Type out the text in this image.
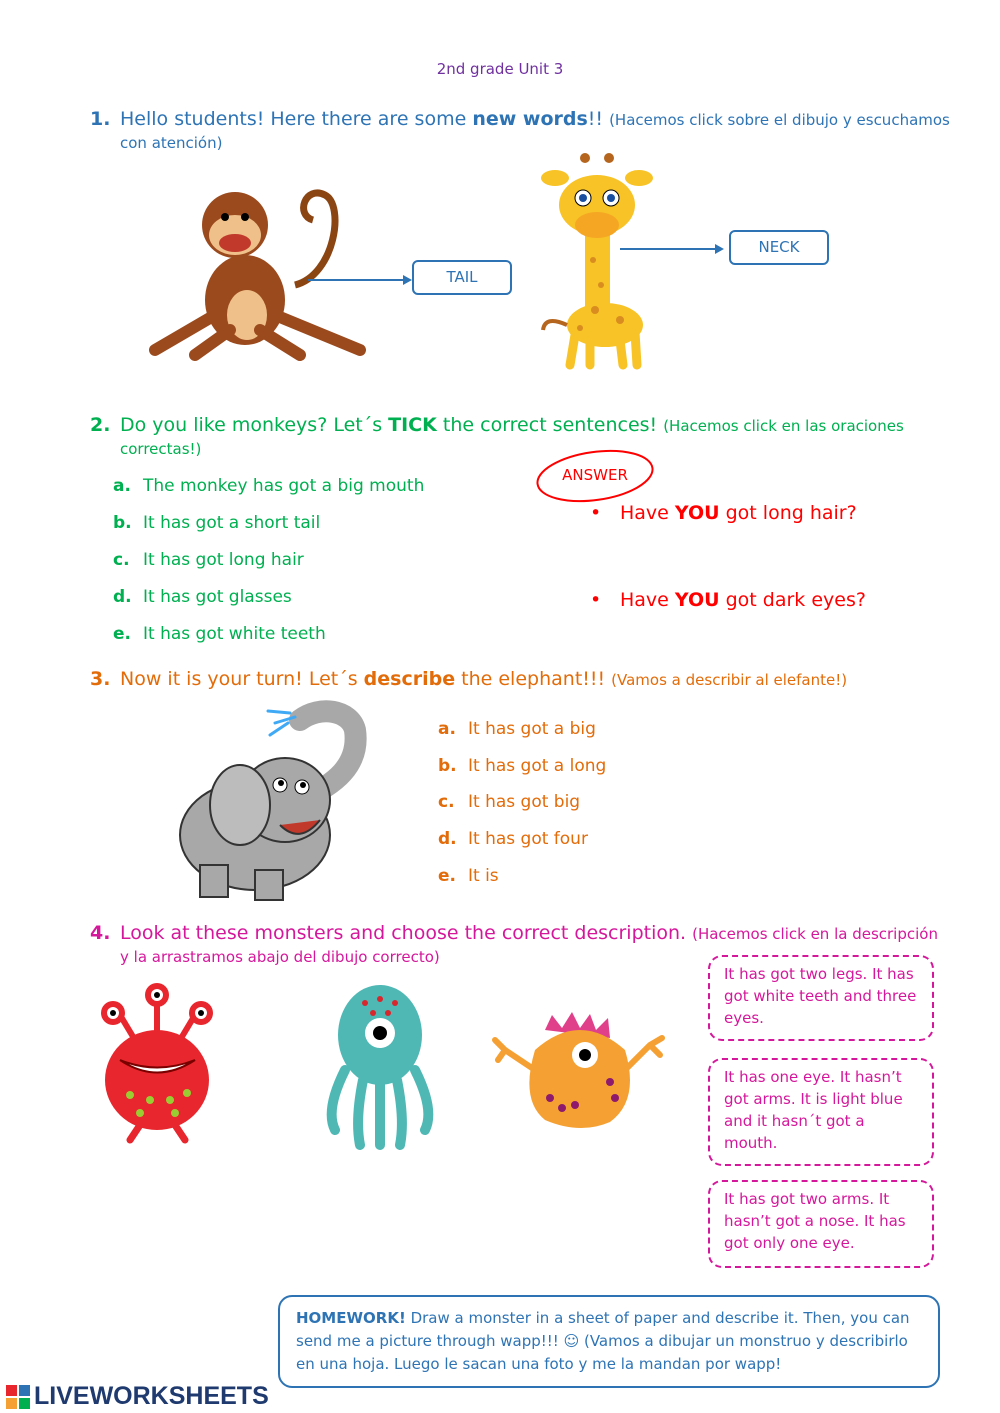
2nd grade Unit 3
1. Hello students! Here there are some new words!! (Hacemos click sobre el dibujo y escuchamos
con atención)
TAIL
NECK
2. Do you like monkeys? Let´s TICK the correct sentences! (Hacemos click en las oraciones
correctas!)
a. The monkey has got a big mouth
b. It has got a short tail
c. It has got long hair
d. It has got glasses
e. It has got white teeth
ANSWER
• Have YOU got long hair?
• Have YOU got dark eyes?
3. Now it is your turn! Let´s describe the elephant!!! (Vamos a describir al elefante!)
a. It has got a big
b. It has got a long
c. It has got big
d. It has got four
e. It is
4. Look at these monsters and choose the correct description. (Hacemos click en la descripción
y la arrastramos abajo del dibujo correcto)
It has got two legs. It has got white teeth and three eyes.
It has one eye. It hasn’t got arms. It is light blue and it hasn´t got a mouth.
It has got two arms. It hasn’t got a nose. It has got only one eye.
HOMEWORK! Draw a monster in a sheet of paper and describe it. Then, you can send me a picture through wapp!!! ☺ (Vamos a dibujar un monstruo y describirlo en una hoja. Luego le sacan una foto y me la mandan por wapp!
LIVEWORKSHEETS
